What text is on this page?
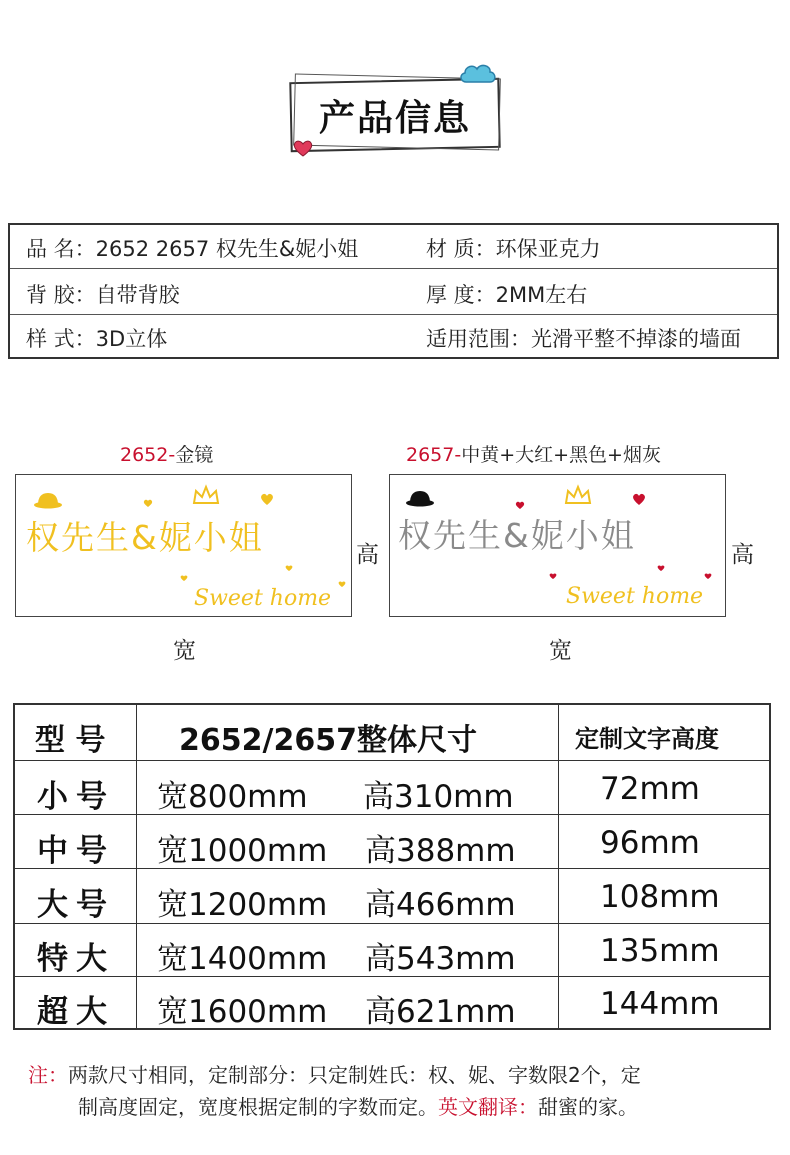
产品信息
品 名：2652 2657 权先生&妮小姐	材 质：环保亚克力
背 胶：自带背胶	厚 度：2MM左右
样 式：3D立体	适用范围：光滑平整不掉漆的墙面
2652-金镜
权先生&妮小姐
Sweet home
高
宽
2657-中黄+大红+黑色+烟灰
权先生&妮小姐
Sweet home
高
宽
型 号 2652/2657整体尺寸	定制文字高度
小号 宽800mm 高310mm	72mm
中号 宽1000mm 高388mm	96mm
大号 宽1200mm 高466mm	108mm
特大 宽1400mm 高543mm	135mm
超大 宽1600mm 高621mm	144mm
注：两款尺寸相同，定制部分：只定制姓氏：权、妮、字数限2个，定
制高度固定，宽度根据定制的字数而定。英文翻译：甜蜜的家。
